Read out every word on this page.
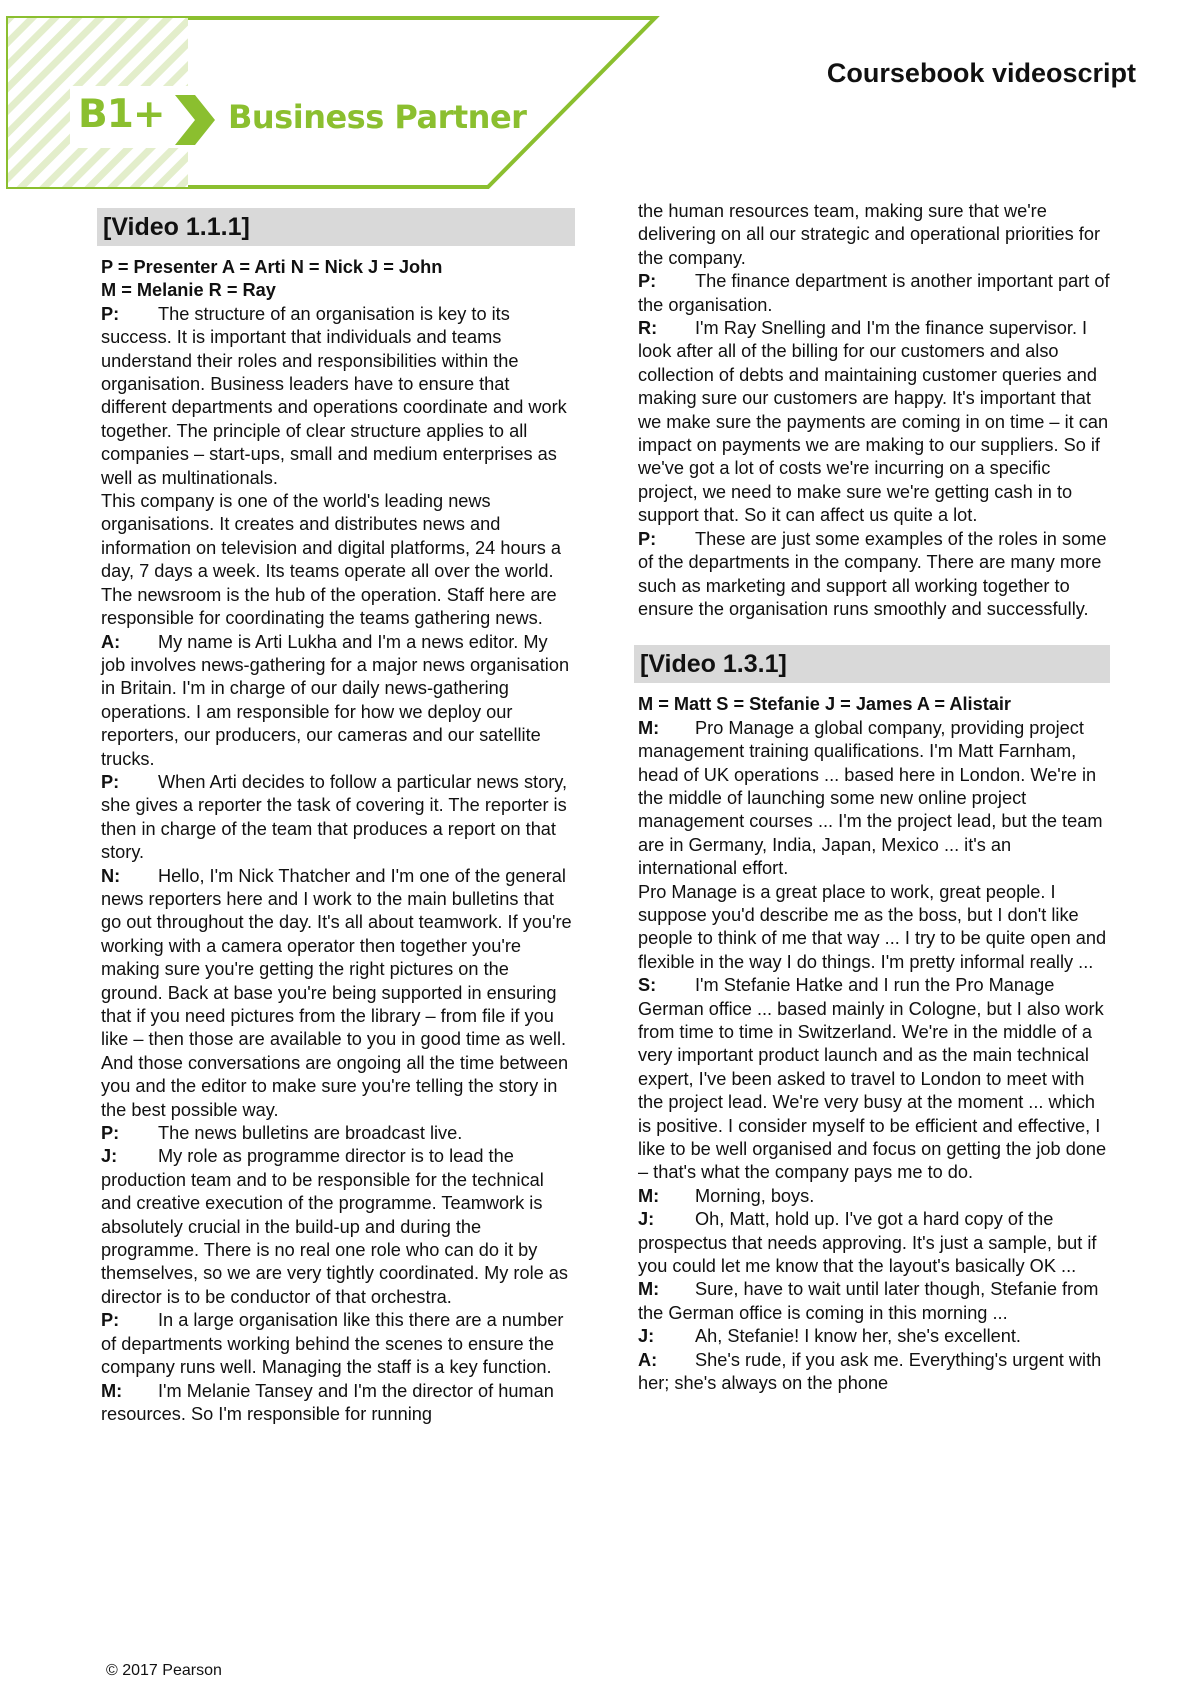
B1+ Business Partner
Coursebook videoscript
[Video 1.1.1]
P = Presenter A = Arti N = Nick J = John
M = Melanie R = Ray

P: The structure of an organisation is key to its success. It is important that individuals and teams understand their roles and responsibilities within the organisation. Business leaders have to ensure that different departments and operations coordinate and work together. The principle of clear structure applies to all companies – start-ups, small and medium enterprises as well as multinationals.

This company is one of the world's leading news organisations. It creates and distributes news and information on television and digital platforms, 24 hours a day, 7 days a week. Its teams operate all over the world.

The newsroom is the hub of the operation. Staff here are responsible for coordinating the teams gathering news.

A: My name is Arti Lukha and I'm a news editor. My job involves news-gathering for a major news organisation in Britain. I'm in charge of our daily news-gathering operations. I am responsible for how we deploy our reporters, our producers, our cameras and our satellite trucks.

P: When Arti decides to follow a particular news story, she gives a reporter the task of covering it. The reporter is then in charge of the team that produces a report on that story.

N: Hello, I'm Nick Thatcher and I'm one of the general news reporters here and I work to the main bulletins that go out throughout the day. It's all about teamwork. If you're working with a camera operator then together you're making sure you're getting the right pictures on the ground. Back at base you're being supported in ensuring that if you need pictures from the library – from file if you like – then those are available to you in good time as well. And those conversations are ongoing all the time between you and the editor to make sure you're telling the story in the best possible way.

P: The news bulletins are broadcast live.

J: My role as programme director is to lead the production team and to be responsible for the technical and creative execution of the programme. Teamwork is absolutely crucial in the build-up and during the programme. There is no real one role who can do it by themselves, so we are very tightly coordinated. My role as director is to be conductor of that orchestra.

P: In a large organisation like this there are a number of departments working behind the scenes to ensure the company runs well. Managing the staff is a key function.

M: I'm Melanie Tansey and I'm the director of human resources. So I'm responsible for running

the human resources team, making sure that we're delivering on all our strategic and operational priorities for the company.

P: The finance department is another important part of the organisation.

R: I'm Ray Snelling and I'm the finance supervisor. I look after all of the billing for our customers and also collection of debts and maintaining customer queries and making sure our customers are happy. It's important that we make sure the payments are coming in on time – it can impact on payments we are making to our suppliers. So if we've got a lot of costs we're incurring on a specific project, we need to make sure we're getting cash in to support that. So it can affect us quite a lot.

P: These are just some examples of the roles in some of the departments in the company. There are many more such as marketing and support all working together to ensure the organisation runs smoothly and successfully.

[Video 1.3.1]
M = Matt S = Stefanie J = James A = Alistair

M: Pro Manage a global company, providing project management training qualifications. I'm Matt Farnham, head of UK operations ... based here in London. We're in the middle of launching some new online project management courses ... I'm the project lead, but the team are in Germany, India, Japan, Mexico ... it's an international effort.

Pro Manage is a great place to work, great people. I suppose you'd describe me as the boss, but I don't like people to think of me that way ... I try to be quite open and flexible in the way I do things. I'm pretty informal really ...

S: I'm Stefanie Hatke and I run the Pro Manage German office ... based mainly in Cologne, but I also work from time to time in Switzerland. We're in the middle of a very important product launch and as the main technical expert, I've been asked to travel to London to meet with the project lead. We're very busy at the moment ... which is positive. I consider myself to be efficient and effective, I like to be well organised and focus on getting the job done – that's what the company pays me to do.

M: Morning, boys.

J: Oh, Matt, hold up. I've got a hard copy of the prospectus that needs approving. It's just a sample, but if you could let me know that the layout's basically OK ...

M: Sure, have to wait until later though, Stefanie from the German office is coming in this morning ...

J: Ah, Stefanie! I know her, she's excellent.

A: She's rude, if you ask me. Everything's urgent with her; she's always on the phone

© 2017 Pearson
